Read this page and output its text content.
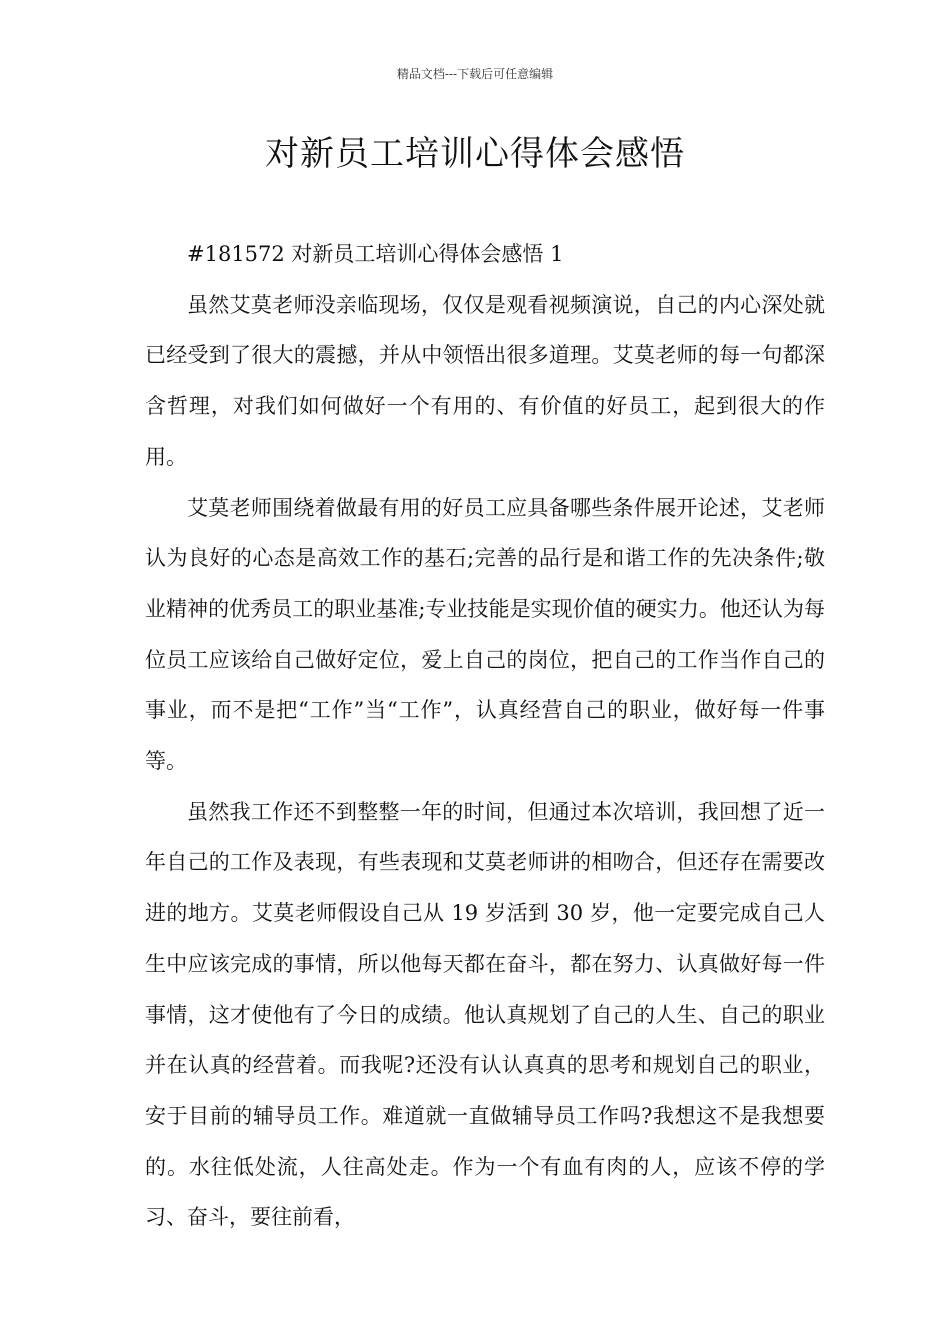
精品文档---下载后可任意编辑
对新员工培训心得体会感悟

#181572 对新员工培训心得体会感悟 1

虽然艾莫老师没亲临现场，仅仅是观看视频演说，自己的内心深处就已经受到了很大的震撼，并从中领悟出很多道理。艾莫老师的每一句都深含哲理，对我们如何做好一个有用的、有价值的好员工，起到很大的作用。

艾莫老师围绕着做最有用的好员工应具备哪些条件展开论述，艾老师认为良好的心态是高效工作的基石;完善的品行是和谐工作的先决条件;敬业精神的优秀员工的职业基准;专业技能是实现价值的硬实力。他还认为每位员工应该给自己做好定位，爱上自己的岗位，把自己的工作当作自己的事业，而不是把“工作”当“工作”，认真经营自己的职业，做好每一件事等。

虽然我工作还不到整整一年的时间，但通过本次培训，我回想了近一年自己的工作及表现，有些表现和艾莫老师讲的相吻合，但还存在需要改进的地方。艾莫老师假设自己从 19 岁活到 30 岁，他一定要完成自己人生中应该完成的事情，所以他每天都在奋斗，都在努力、认真做好每一件事情，这才使他有了今日的成绩。他认真规划了自己的人生、自己的职业并在认真的经营着。而我呢?还没有认认真真的思考和规划自己的职业，安于目前的辅导员工作。难道就一直做辅导员工作吗?我想这不是我想要的。水往低处流，人往高处走。作为一个有血有肉的人，应该不停的学习、奋斗，要往前看，
